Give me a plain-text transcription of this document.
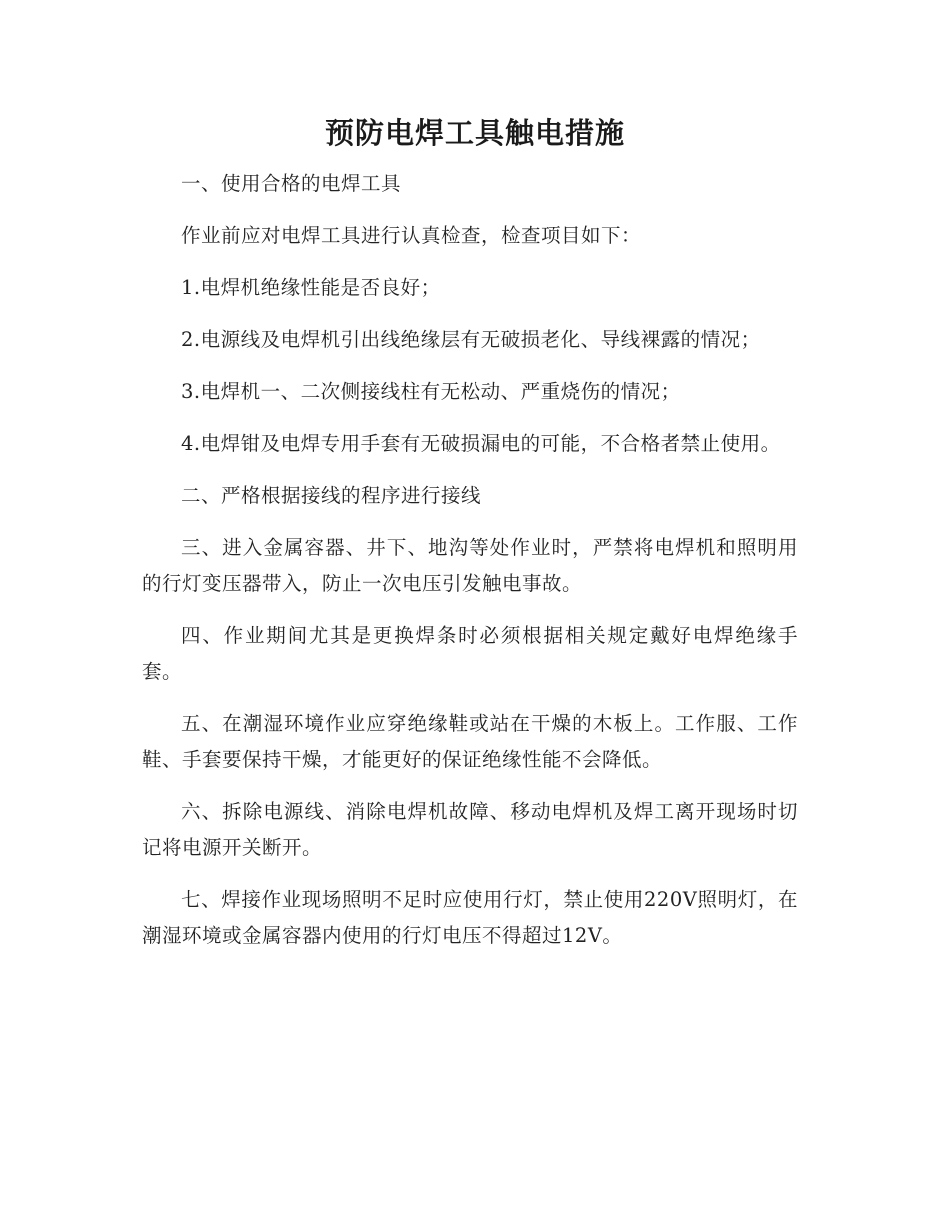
预防电焊工具触电措施

一、使用合格的电焊工具

作业前应对电焊工具进行认真检查，检查项目如下：

1.电焊机绝缘性能是否良好；

2.电源线及电焊机引出线绝缘层有无破损老化、导线裸露的情况；

3.电焊机一、二次侧接线柱有无松动、严重烧伤的情况；

4.电焊钳及电焊专用手套有无破损漏电的可能，不合格者禁止使用。

二、严格根据接线的程序进行接线

三、进入金属容器、井下、地沟等处作业时，严禁将电焊机和照明用的行灯变压器带入，防止一次电压引发触电事故。

四、作业期间尤其是更换焊条时必须根据相关规定戴好电焊绝缘手套。

五、在潮湿环境作业应穿绝缘鞋或站在干燥的木板上。工作服、工作鞋、手套要保持干燥，才能更好的保证绝缘性能不会降低。

六、拆除电源线、消除电焊机故障、移动电焊机及焊工离开现场时切记将电源开关断开。

七、焊接作业现场照明不足时应使用行灯，禁止使用220V照明灯，在潮湿环境或金属容器内使用的行灯电压不得超过12V。
